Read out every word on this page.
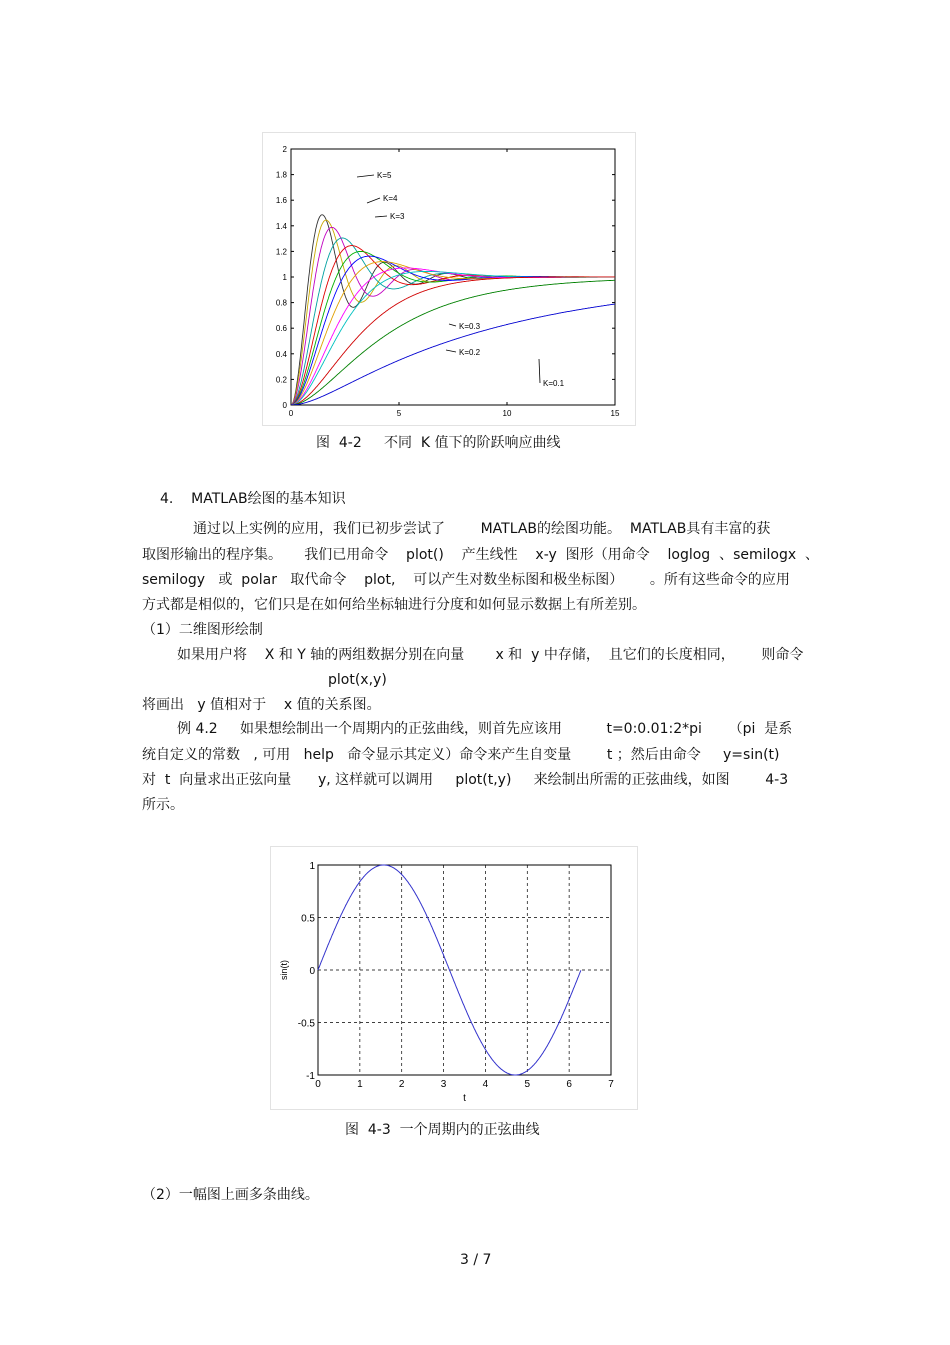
0
0.2
0.4
0.6
0.8
1
1.2
1.4
1.6
1.8
2
0	5	10	15
K=5
K=4
K=3
K=0.3
K=0.2
K=0.1
图  4-2     不同  K 值下的阶跃响应曲线
4.    MATLAB绘图的基本知识
通过以上实例的应用，我们已初步尝试了        MATLAB的绘图功能。  MATLAB具有丰富的获
取图形输出的程序集。     我们已用命令    plot()    产生线性    x-y  图形（用命令    loglog  、semilogx  、
semilogy   或  polar   取代命令    plot,    可以产生对数坐标图和极坐标图）      。所有这些命令的应用
方式都是相似的，它们只是在如何给坐标轴进行分度和如何显示数据上有所差别。
（1）二维图形绘制
如果用户将    X 和 Y 轴的两组数据分别在向量       x 和  y 中存储，  且它们的长度相同，      则命令
plot(x,y)
将画出   y 值相对于    x 值的关系图。
例 4.2     如果想绘制出一个周期内的正弦曲线，则首先应该用          t=0:0.01:2*pi      （pi  是系
统自定义的常数   , 可用   help   命令显示其定义）命令来产生自变量        t ；然后由命令     y=sin(t)
对  t  向量求出正弦向量      y, 这样就可以调用     plot(t,y)     来绘制出所需的正弦曲线，如图        4-3
所示。
0	1	2	3	4	5	6	7
-1
-0.5
0
0.5
1
t
sin(t)
图  4-3  一个周期内的正弦曲线
（2）一幅图上画多条曲线。
3 / 7
